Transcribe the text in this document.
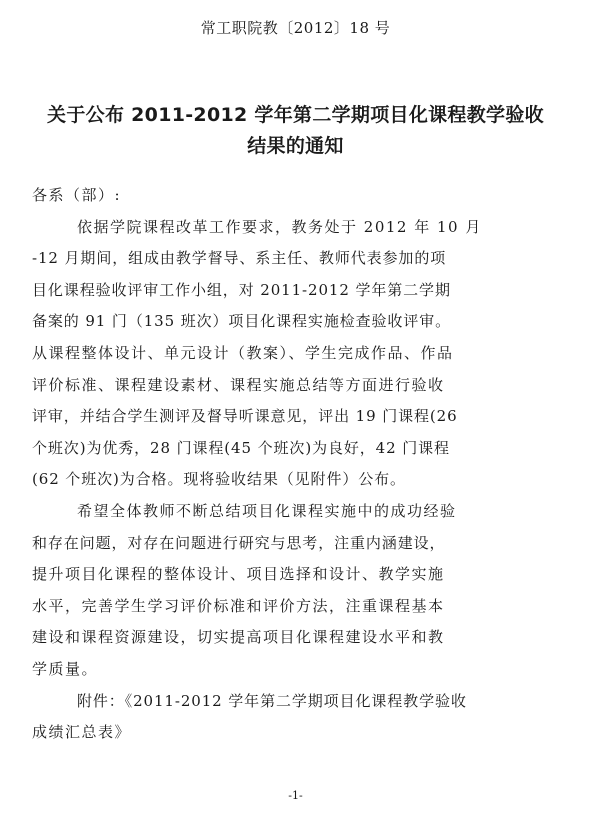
常工职院教〔2012〕18 号
关于公布 2011-2012 学年第二学期项目化课程教学验收
结果的通知
各系（部）:
依据学院课程改革工作要求，教务处于 2012 年 10 月
-12 月期间，组成由教学督导、系主任、教师代表参加的项
目化课程验收评审工作小组，对 2011-2012 学年第二学期
备案的 91 门（135 班次）项目化课程实施检查验收评审。
从课程整体设计、单元设计（教案）、学生完成作品、作品
评价标准、课程建设素材、课程实施总结等方面进行验收
评审，并结合学生测评及督导听课意见，评出 19 门课程(26
个班次)为优秀，28 门课程(45 个班次)为良好，42 门课程
(62 个班次)为合格。现将验收结果（见附件）公布。
希望全体教师不断总结项目化课程实施中的成功经验
和存在问题，对存在问题进行研究与思考，注重内涵建设，
提升项目化课程的整体设计、项目选择和设计、教学实施
水平，完善学生学习评价标准和评价方法，注重课程基本
建设和课程资源建设，切实提高项目化课程建设水平和教
学质量。
附件：《2011-2012 学年第二学期项目化课程教学验收
成绩汇总表》
-1-
